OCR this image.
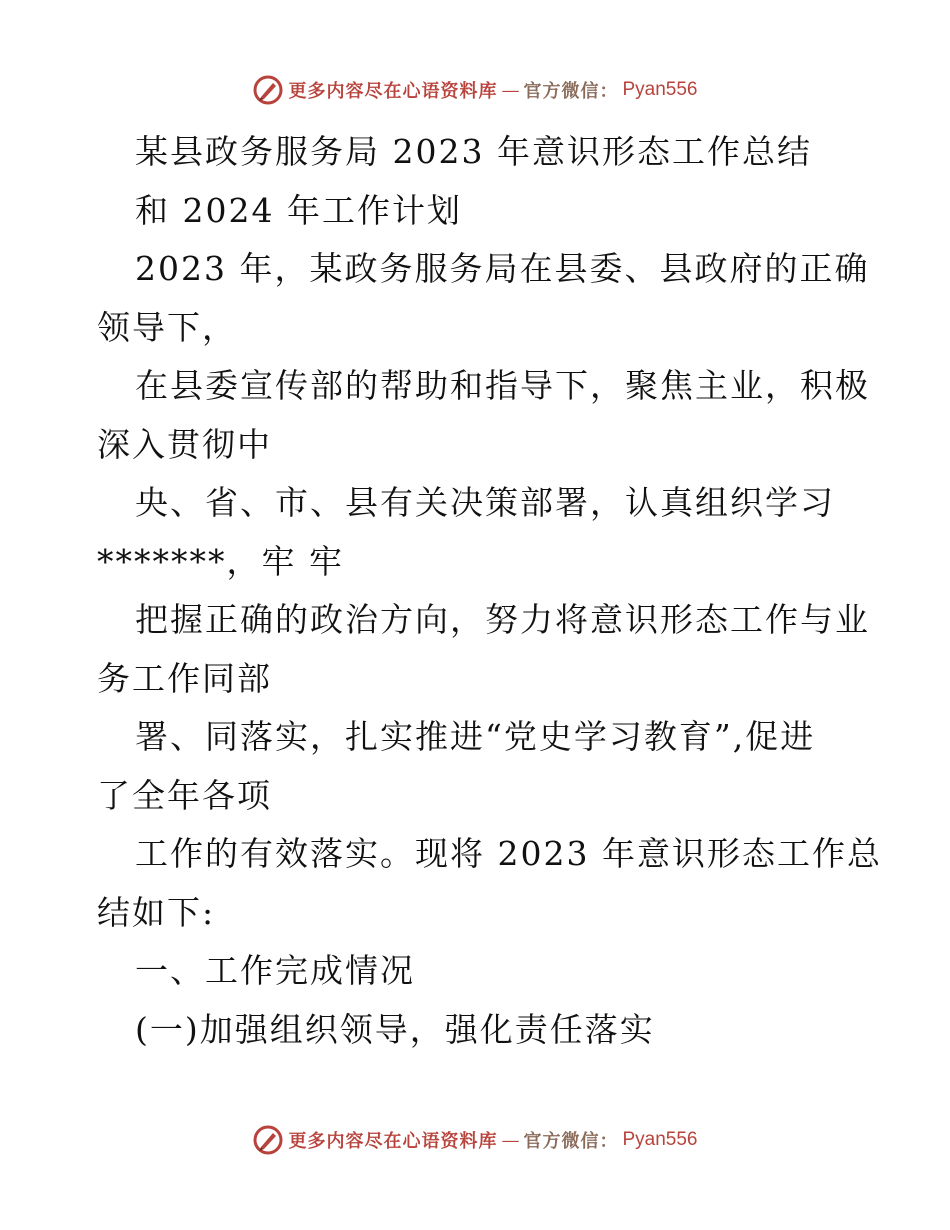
更多内容尽在心语资料库 — 官方微信： Pyan556
某县政务服务局 2023 年意识形态工作总结
和 2024 年工作计划
2023 年，某政务服务局在县委、县政府的正确
领导下，
在县委宣传部的帮助和指导下，聚焦主业，积极
深入贯彻中
央、省、市、县有关决策部署，认真组织学习
*******，牢 牢
把握正确的政治方向，努力将意识形态工作与业
务工作同部
署、同落实，扎实推进“党史学习教育”,促进
了全年各项
工作的有效落实。现将 2023 年意识形态工作总
结如下:
一、工作完成情况
(一)加强组织领导，强化责任落实
更多内容尽在心语资料库 — 官方微信： Pyan556
